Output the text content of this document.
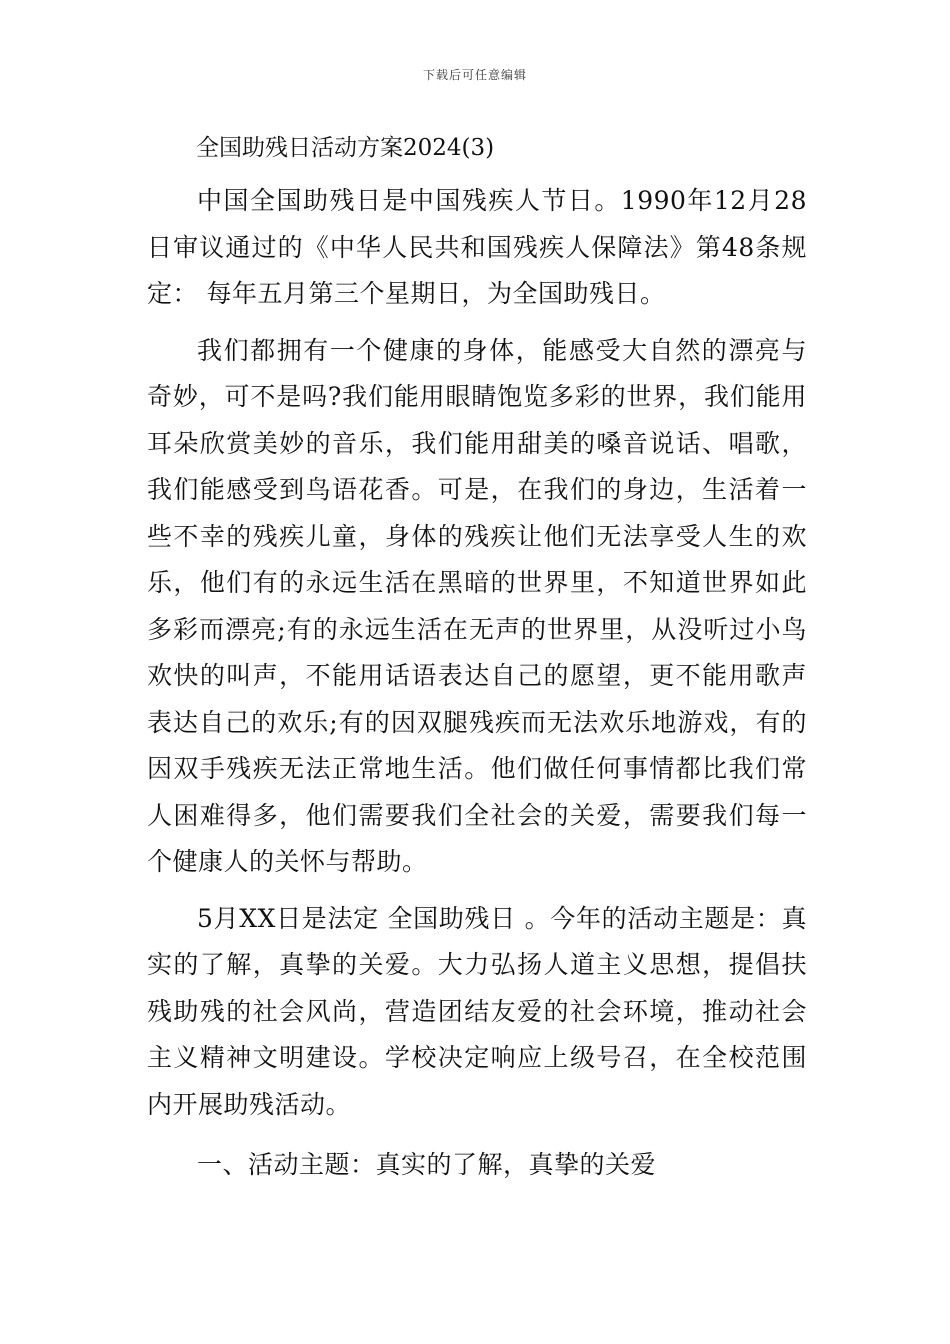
下载后可任意编辑
全国助残日活动方案2024(3)

中国全国助残日是中国残疾人节日。1990年12月28日审议通过的《中华人民共和国残疾人保障法》第48条规定： 每年五月第三个星期日，为全国助残日。

我们都拥有一个健康的身体，能感受大自然的漂亮与奇妙，可不是吗?我们能用眼睛饱览多彩的世界，我们能用耳朵欣赏美妙的音乐，我们能用甜美的嗓音说话、唱歌，我们能感受到鸟语花香。可是，在我们的身边，生活着一些不幸的残疾儿童，身体的残疾让他们无法享受人生的欢乐，他们有的永远生活在黑暗的世界里，不知道世界如此多彩而漂亮;有的永远生活在无声的世界里，从没听过小鸟欢快的叫声，不能用话语表达自己的愿望，更不能用歌声表达自己的欢乐;有的因双腿残疾而无法欢乐地游戏，有的因双手残疾无法正常地生活。他们做任何事情都比我们常人困难得多，他们需要我们全社会的关爱，需要我们每一个健康人的关怀与帮助。

5月XX日是法定 全国助残日 。今年的活动主题是：真实的了解，真挚的关爱。大力弘扬人道主义思想，提倡扶残助残的社会风尚，营造团结友爱的社会环境，推动社会主义精神文明建设。学校决定响应上级号召，在全校范围内开展助残活动。

一、活动主题：真实的了解，真挚的关爱
